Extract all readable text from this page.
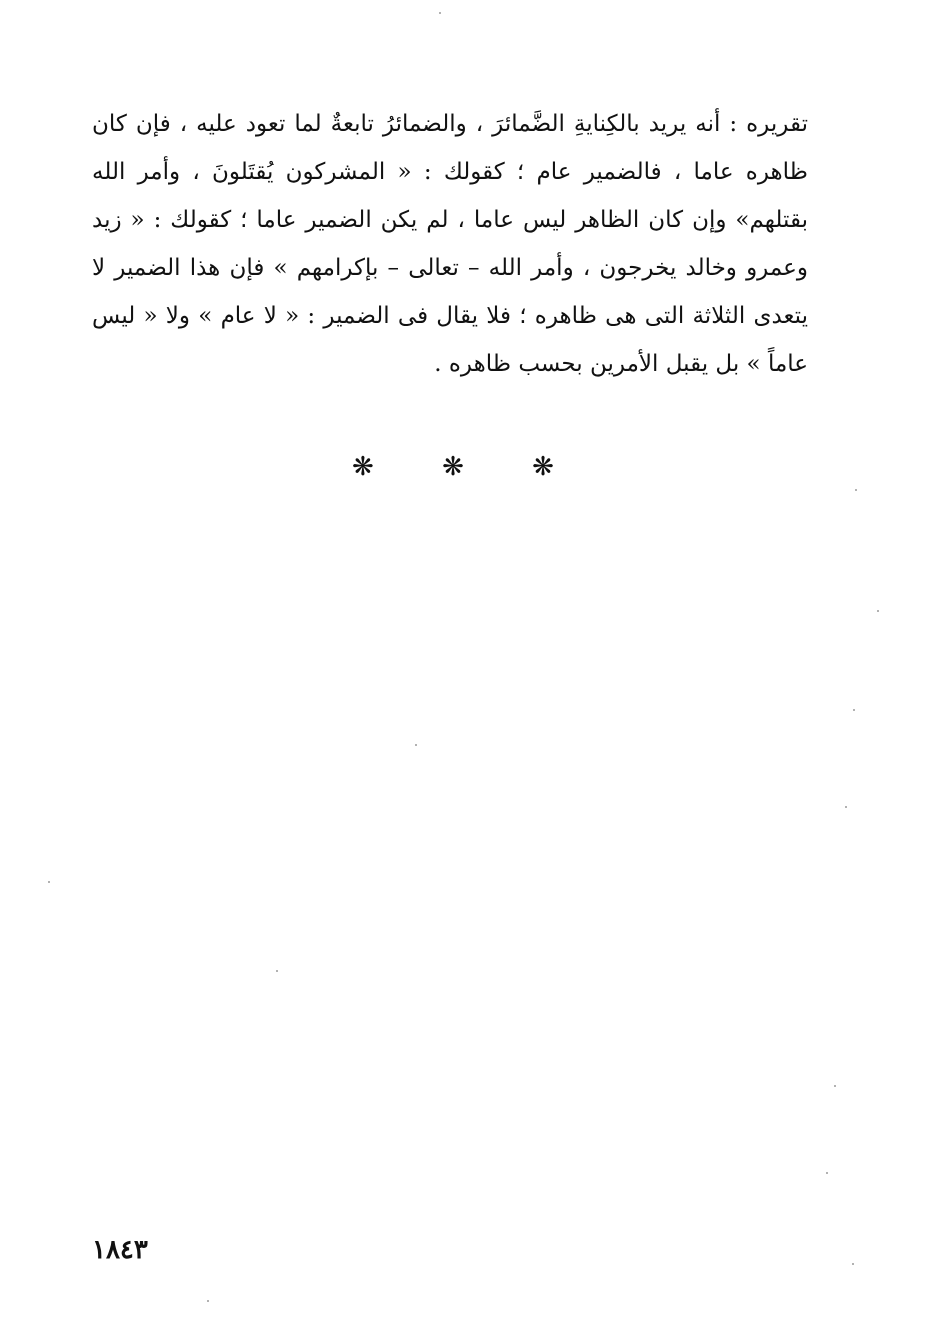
تقريره : أنه يريد بالكِنايةِ الضَّمائرَ ، والضمائرُ تابعةٌ لما تعود عليه ، فإن كان
ظاهره عاما ، فالضمير عام ؛ كقولك : « المشركون يُقتَلونَ ، وأمر الله
بقتلهم» وإن كان الظاهر ليس عاما ، لم يكن الضمير عاما ؛ كقولك : « زيد
وعمرو وخالد يخرجون ، وأمر الله – تعالى – بإكرامهم » فإن هذا الضمير لا
يتعدى الثلاثة التى هى ظاهره ؛ فلا يقال فى الضمير : « لا عام » ولا « ليس
عاماً » بل يقبل الأمرين بحسب ظاهره .
❋ ❋ ❋
١٨٤٣
